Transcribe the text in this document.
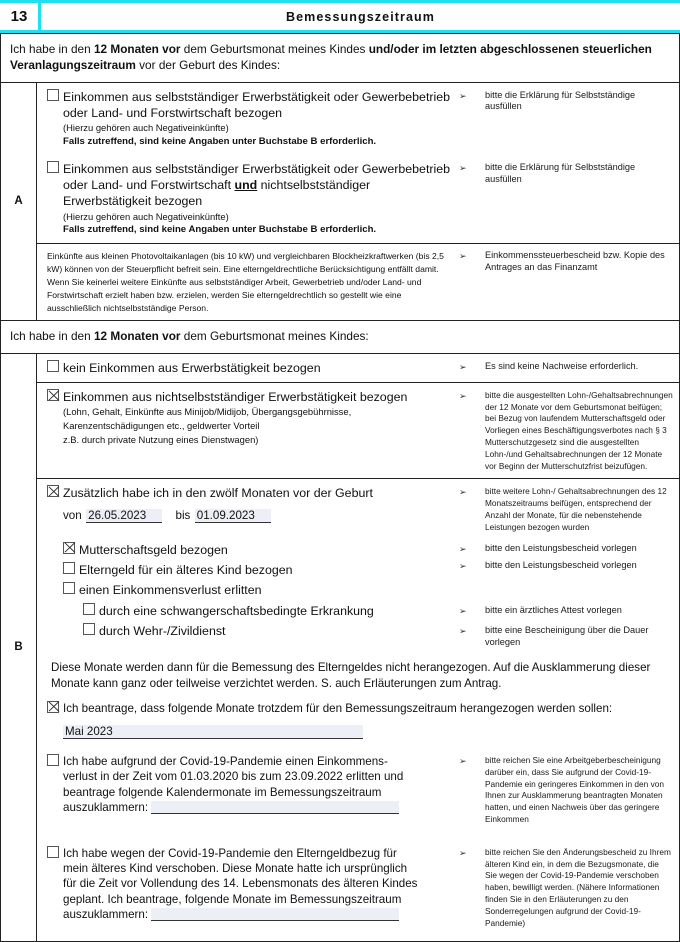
13	Bemessungszeitraum
Ich habe in den 12 Monaten vor dem Geburtsmonat meines Kindes und/oder im letzten abgeschlossenen steuerlichen Veranlagungszeitraum vor der Geburt des Kindes:
A
Einkommen aus selbstständiger Erwerbstätigkeit oder Gewerbebetrieb oder Land- und Forstwirtschaft bezogen
(Hierzu gehören auch Negativeinkünfte)
Falls zutreffend, sind keine Angaben unter Buchstabe B erforderlich.
➢	bitte die Erklärung für Selbstständige ausfüllen
Einkommen aus selbstständiger Erwerbstätigkeit oder Gewerbebetrieb oder Land- und Forstwirtschaft und nichtselbstständiger Erwerbstätigkeit bezogen
(Hierzu gehören auch Negativeinkünfte)
Falls zutreffend, sind keine Angaben unter Buchstabe B erforderlich.
➢	bitte die Erklärung für Selbstständige ausfüllen
Einkünfte aus kleinen Photovoltaikanlagen (bis 10 kW) und vergleichbaren Blockheizkraftwerken (bis 2,5 kW) können von der Steuerpflicht befreit sein. Eine elterngeldrechtliche Berücksichtigung entfällt damit. Wenn Sie keinerlei weitere Einkünfte aus selbstständiger Arbeit, Gewerbetrieb und/oder Land- und Forstwirtschaft erzielt haben bzw. erzielen, werden Sie elterngeldrechtlich so gestellt wie eine ausschließlich nichtselbstständige Person.
➢	Einkommenssteuerbescheid bzw. Kopie des Antrages an das Finanzamt
Ich habe in den 12 Monaten vor dem Geburtsmonat meines Kindes:
B
kein Einkommen aus Erwerbstätigkeit bezogen	➢	Es sind keine Nachweise erforderlich.
Einkommen aus nichtselbstständiger Erwerbstätigkeit bezogen
(Lohn, Gehalt, Einkünfte aus Minijob/Midijob, Übergangsgebührnisse,
Karenzentschädigungen etc., geldwerter Vorteil
z.B. durch private Nutzung eines Dienstwagen)
➢	bitte die ausgestellten Lohn-/Gehaltsabrechnungen der 12 Monate vor dem Geburtsmonat beifügen; bei Bezug von laufendem Mutterschaftsgeld oder Vorliegen eines Beschäftigungsverbotes nach § 3 Mutterschutzgesetz sind die ausgestellten Lohn-/und Gehaltsabrechnungen der 12 Monate vor Beginn der Mutterschutzfrist beizufügen.
Zusätzlich habe ich in den zwölf Monaten vor der Geburt
von 26.05.2023	bis 01.09.2023
➢	bitte weitere Lohn-/ Gehaltsabrechnungen des 12 Monatszeitraums beifügen, entsprechend der Anzahl der Monate, für die nebenstehende Leistungen bezogen wurden
Mutterschaftsgeld bezogen	➢	bitte den Leistungsbescheid vorlegen
Elterngeld für ein älteres Kind bezogen	➢	bitte den Leistungsbescheid vorlegen
einen Einkommensverlust erlitten
durch eine schwangerschaftsbedingte Erkrankung	➢	bitte ein ärztliches Attest vorlegen
durch Wehr-/Zivildienst	➢	bitte eine Bescheinigung über die Dauer vorlegen
Diese Monate werden dann für die Bemessung des Elterngeldes nicht herangezogen. Auf die Ausklammerung dieser Monate kann ganz oder teilweise verzichtet werden. S. auch Erläuterungen zum Antrag.
Ich beantrage, dass folgende Monate trotzdem für den Bemessungszeitraum herangezogen werden sollen:
Mai 2023
Ich habe aufgrund der Covid-19-Pandemie einen Einkommens-
verlust in der Zeit vom 01.03.2020 bis zum 23.09.2022 erlitten und
beantrage folgende Kalendermonate im Bemessungszeitraum
auszuklammern:
➢	bitte reichen Sie eine Arbeitgeberbescheinigung darüber ein, dass Sie aufgrund der Covid-19-Pandemie ein geringeres Einkommen in den von Ihnen zur Ausklammerung beantragten Monaten hatten, und einen Nachweis über das geringere Einkommen
Ich habe wegen der Covid-19-Pandemie den Elterngeldbezug für
mein älteres Kind verschoben. Diese Monate hatte ich ursprünglich
für die Zeit vor Vollendung des 14. Lebensmonats des älteren Kindes
geplant. Ich beantrage, folgende Monate im Bemessungszeitraum
auszuklammern:
➢	bitte reichen Sie den Änderungsbescheid zu Ihrem älteren Kind ein, in dem die Bezugsmonate, die Sie wegen der Covid-19-Pandemie verschoben haben, bewilligt werden. (Nähere Informationen finden Sie in den Erläuterungen zu den Sonderregelungen aufgrund der Covid-19-Pandemie)
